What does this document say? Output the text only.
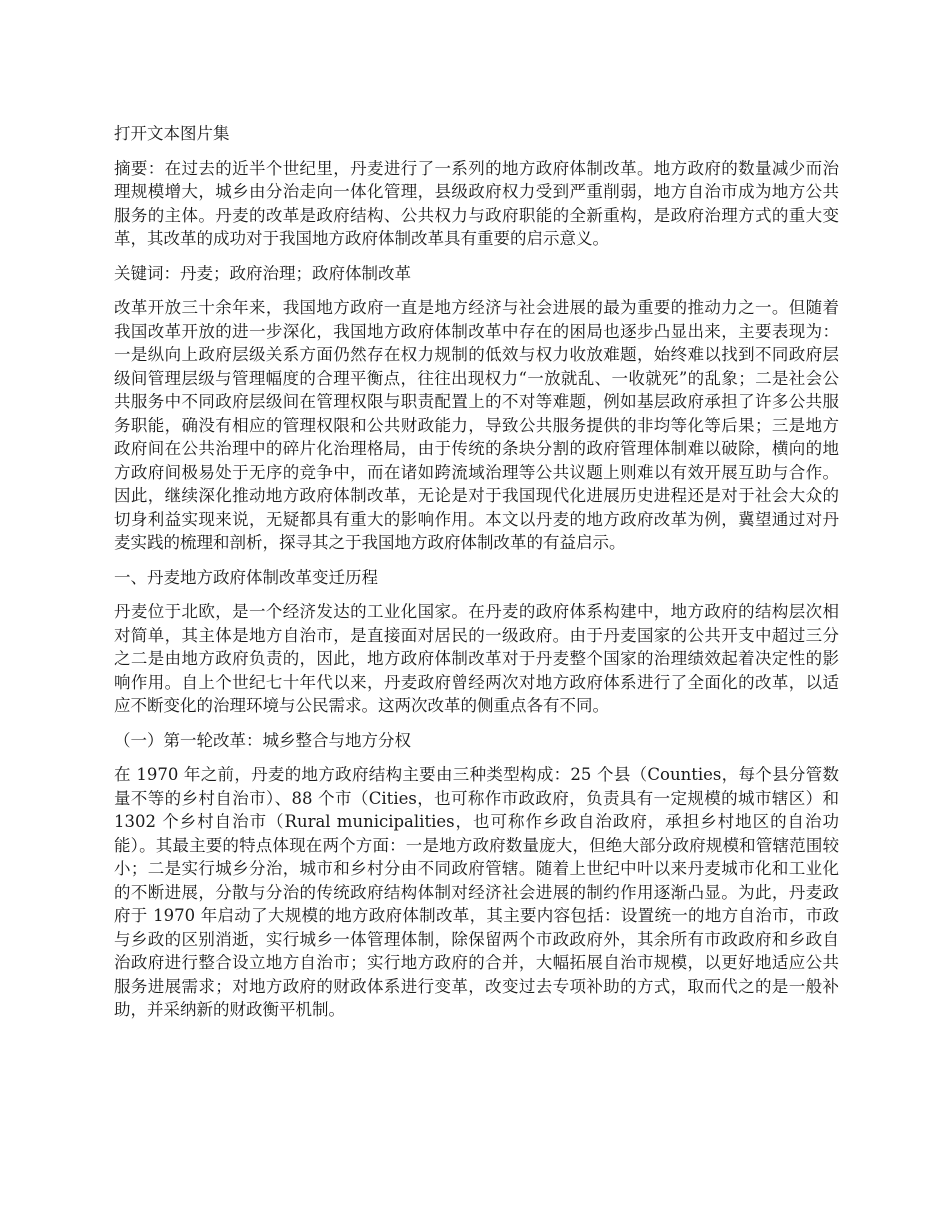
打开文本图片集

摘要：在过去的近半个世纪里，丹麦进行了一系列的地方政府体制改革。地方政府的数量减少而治理规模增大，城乡由分治走向一体化管理，县级政府权力受到严重削弱，地方自治市成为地方公共服务的主体。丹麦的改革是政府结构、公共权力与政府职能的全新重构，是政府治理方式的重大变革，其改革的成功对于我国地方政府体制改革具有重要的启示意义。

关键词：丹麦；政府治理；政府体制改革

改革开放三十余年来，我国地方政府一直是地方经济与社会进展的最为重要的推动力之一。但随着我国改革开放的进一步深化，我国地方政府体制改革中存在的困局也逐步凸显出来，主要表现为：一是纵向上政府层级关系方面仍然存在权力规制的低效与权力收放难题，始终难以找到不同政府层级间管理层级与管理幅度的合理平衡点，往往出现权力“一放就乱、一收就死”的乱象；二是社会公共服务中不同政府层级间在管理权限与职责配置上的不对等难题，例如基层政府承担了许多公共服务职能，确没有相应的管理权限和公共财政能力，导致公共服务提供的非均等化等后果；三是地方政府间在公共治理中的碎片化治理格局，由于传统的条块分割的政府管理体制难以破除，横向的地方政府间极易处于无序的竞争中，而在诸如跨流域治理等公共议题上则难以有效开展互助与合作。因此，继续深化推动地方政府体制改革，无论是对于我国现代化进展历史进程还是对于社会大众的切身利益实现来说，无疑都具有重大的影响作用。本文以丹麦的地方政府改革为例，冀望通过对丹麦实践的梳理和剖析，探寻其之于我国地方政府体制改革的有益启示。

一、丹麦地方政府体制改革变迁历程

丹麦位于北欧，是一个经济发达的工业化国家。在丹麦的政府体系构建中，地方政府的结构层次相对简单，其主体是地方自治市，是直接面对居民的一级政府。由于丹麦国家的公共开支中超过三分之二是由地方政府负责的，因此，地方政府体制改革对于丹麦整个国家的治理绩效起着决定性的影响作用。自上个世纪七十年代以来，丹麦政府曾经两次对地方政府体系进行了全面化的改革，以适应不断变化的治理环境与公民需求。这两次改革的侧重点各有不同。

（一）第一轮改革：城乡整合与地方分权

在 1970 年之前，丹麦的地方政府结构主要由三种类型构成：25 个县（Counties，每个县分管数量不等的乡村自治市）、88 个市（Cities，也可称作市政政府，负责具有一定规模的城市辖区）和 1302 个乡村自治市（Rural municipalities，也可称作乡政自治政府，承担乡村地区的自治功能）。其最主要的特点体现在两个方面：一是地方政府数量庞大，但绝大部分政府规模和管辖范围较小；二是实行城乡分治，城市和乡村分由不同政府管辖。随着上世纪中叶以来丹麦城市化和工业化的不断进展，分散与分治的传统政府结构体制对经济社会进展的制约作用逐渐凸显。为此，丹麦政府于 1970 年启动了大规模的地方政府体制改革，其主要内容包括：设置统一的地方自治市，市政与乡政的区别消逝，实行城乡一体管理体制，除保留两个市政政府外，其余所有市政政府和乡政自治政府进行整合设立地方自治市；实行地方政府的合并，大幅拓展自治市规模，以更好地适应公共服务进展需求；对地方政府的财政体系进行变革，改变过去专项补助的方式，取而代之的是一般补助，并采纳新的财政衡平机制。
